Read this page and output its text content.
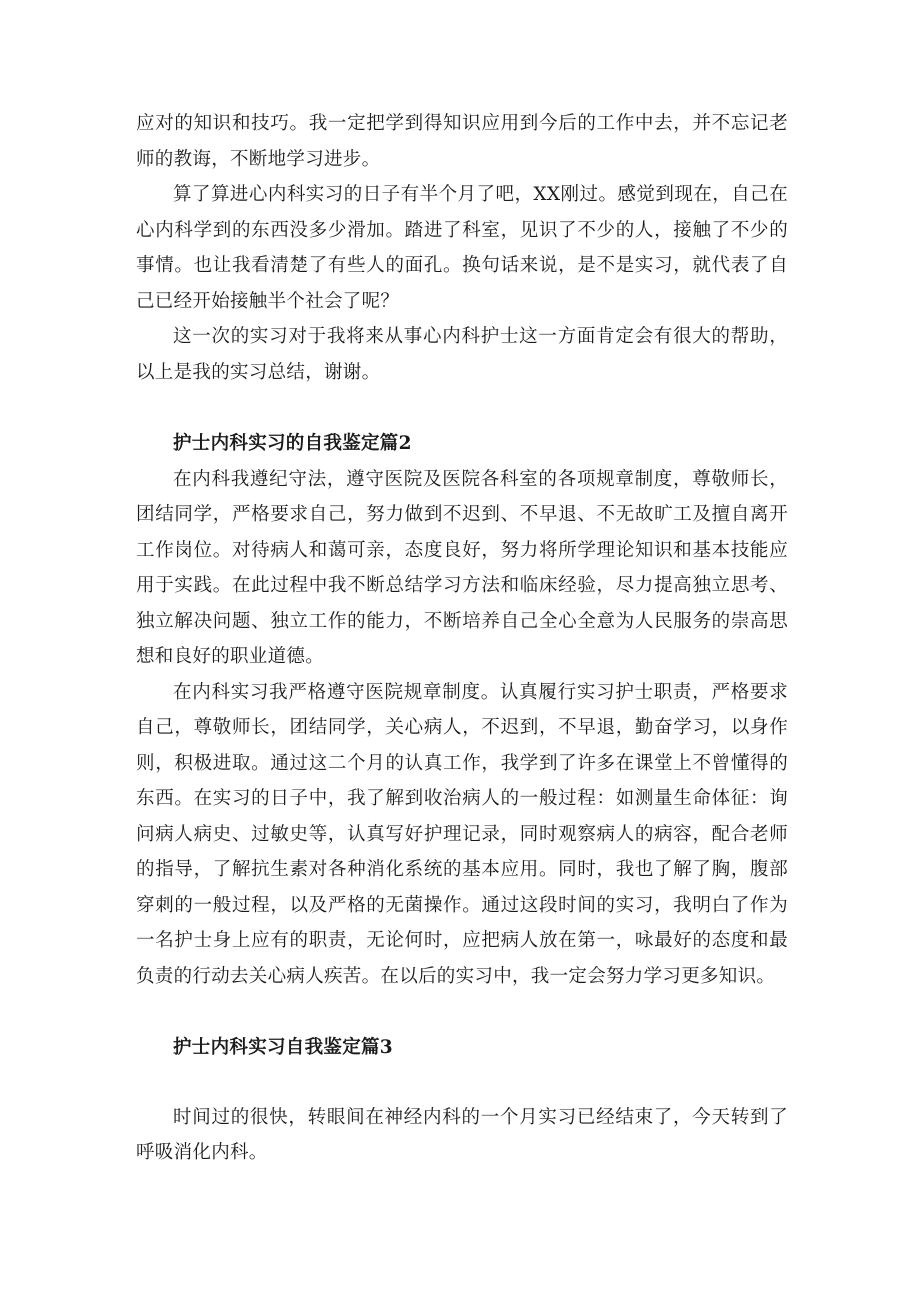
应对的知识和技巧。我一定把学到得知识应用到今后的工作中去，并不忘记老师的教诲，不断地学习进步。

算了算进心内科实习的日子有半个月了吧，XX刚过。感觉到现在，自己在心内科学到的东西没多少滑加。踏进了科室，见识了不少的人，接触了不少的事情。也让我看清楚了有些人的面孔。换句话来说，是不是实习，就代表了自己已经开始接触半个社会了呢？

这一次的实习对于我将来从事心内科护士这一方面肯定会有很大的帮助，以上是我的实习总结，谢谢。

护士内科实习的自我鉴定篇2

在内科我遵纪守法，遵守医院及医院各科室的各项规章制度，尊敬师长，团结同学，严格要求自己，努力做到不迟到、不早退、不无故旷工及擅自离开工作岗位。对待病人和蔼可亲，态度良好，努力将所学理论知识和基本技能应用于实践。在此过程中我不断总结学习方法和临床经验，尽力提高独立思考、独立解决问题、独立工作的能力，不断培养自己全心全意为人民服务的崇高思想和良好的职业道德。

在内科实习我严格遵守医院规章制度。认真履行实习护士职责，严格要求自己，尊敬师长，团结同学，关心病人，不迟到，不早退，勤奋学习，以身作则，积极进取。通过这二个月的认真工作，我学到了许多在课堂上不曾懂得的东西。在实习的日子中，我了解到收治病人的一般过程：如测量生命体征：询问病人病史、过敏史等，认真写好护理记录，同时观察病人的病容，配合老师的指导，了解抗生素对各种消化系统的基本应用。同时，我也了解了胸，腹部穿刺的一般过程，以及严格的无菌操作。通过这段时间的实习，我明白了作为一名护士身上应有的职责，无论何时，应把病人放在第一，咏最好的态度和最负责的行动去关心病人疾苦。在以后的实习中，我一定会努力学习更多知识。

护士内科实习自我鉴定篇3

时间过的很快，转眼间在神经内科的一个月实习已经结束了，今天转到了呼吸消化内科。
